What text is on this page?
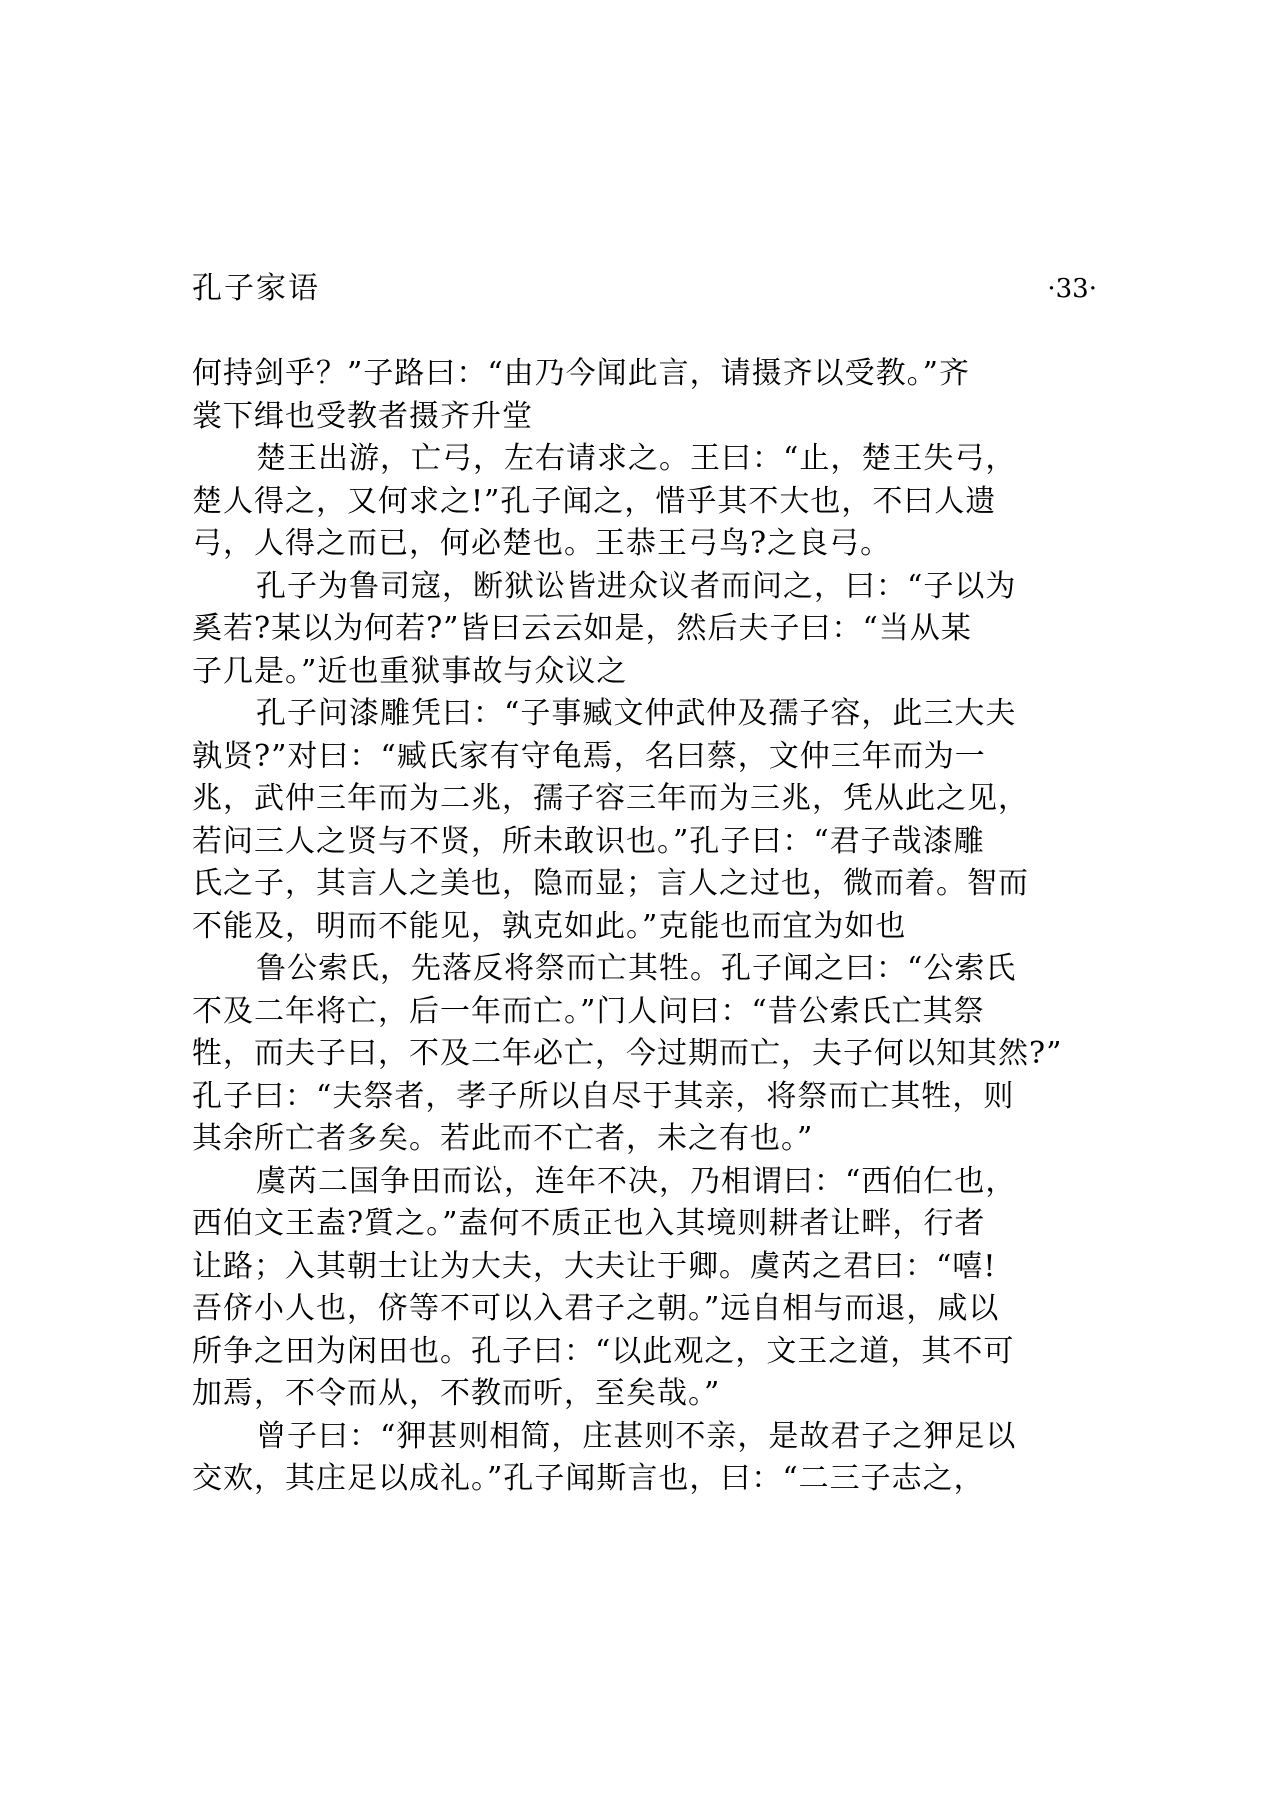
孔子家语	·33·
何持剑乎？”子路曰：“由乃今闻此言，请摄齐以受教。”齐
裳下缉也受教者摄齐升堂
楚王出游，亡弓，左右请求之。王曰：“止，楚王失弓，
楚人得之，又何求之!”孔子闻之，惜乎其不大也，不曰人遗
弓，人得之而已，何必楚也。王恭王弓鸟?之良弓。
孔子为鲁司寇，断狱讼皆进众议者而问之，曰：“子以为
奚若?某以为何若?”皆曰云云如是，然后夫子曰：“当从某
子几是。”近也重狱事故与众议之
孔子问漆雕凭曰：“子事臧文仲武仲及孺子容，此三大夫
孰贤?”对曰：“臧氏家有守龟焉，名曰蔡，文仲三年而为一
兆，武仲三年而为二兆，孺子容三年而为三兆，凭从此之见，
若问三人之贤与不贤，所未敢识也。”孔子曰：“君子哉漆雕
氏之子，其言人之美也，隐而显；言人之过也，微而着。智而
不能及，明而不能见，孰克如此。”克能也而宜为如也
鲁公索氏，先落反将祭而亡其牲。孔子闻之曰：“公索氏
不及二年将亡，后一年而亡。”门人问曰：“昔公索氏亡其祭
牲，而夫子曰，不及二年必亡，今过期而亡，夫子何以知其然?”
孔子曰：“夫祭者，孝子所以自尽于其亲，将祭而亡其牲，则
其余所亡者多矣。若此而不亡者，未之有也。”
虞芮二国争田而讼，连年不决，乃相谓曰：“西伯仁也，
西伯文王盍?質之。”盍何不质正也入其境则耕者让畔，行者
让路；入其朝士让为大夫，大夫让于卿。虞芮之君曰：“嘻!
吾侪小人也，侪等不可以入君子之朝。”远自相与而退，咸以
所争之田为闲田也。孔子曰：“以此观之，文王之道，其不可
加焉，不令而从，不教而听，至矣哉。”
曾子曰：“狎甚则相简，庄甚则不亲，是故君子之狎足以
交欢，其庄足以成礼。”孔子闻斯言也，曰：“二三子志之，
